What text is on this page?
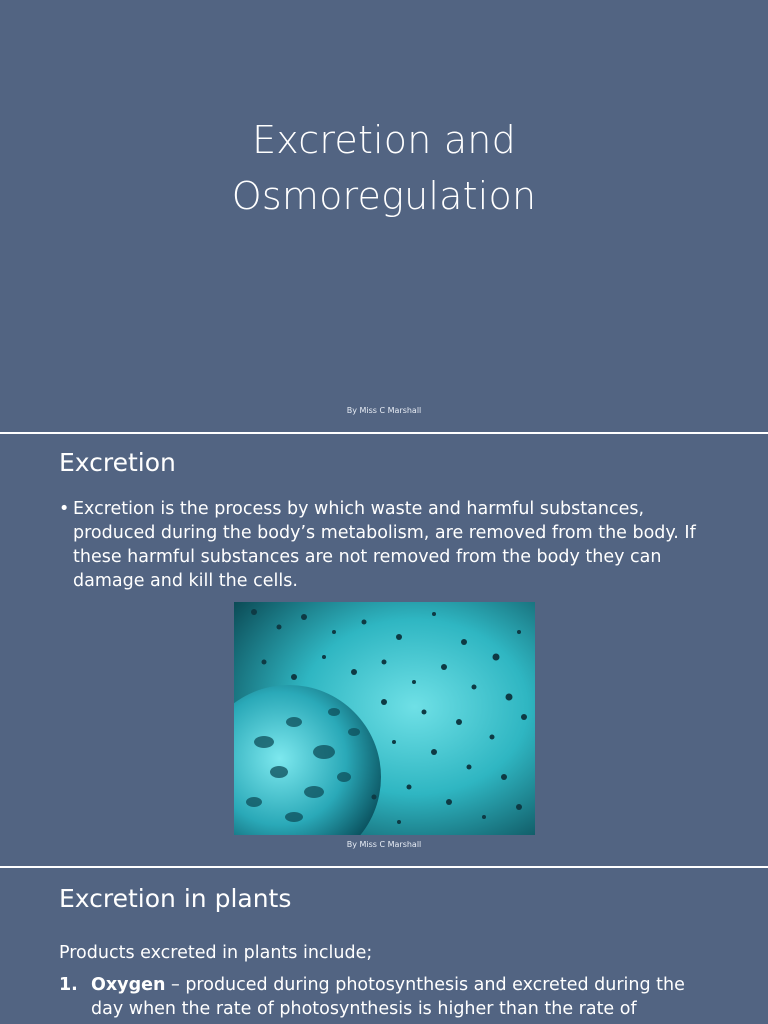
Excretion and
Osmoregulation
By Miss C Marshall
Excretion
• Excretion is the process by which waste and harmful substances, produced during the body’s metabolism, are removed from the body. If these harmful substances are not removed from the body they can damage and kill the cells.
By Miss C Marshall
Excretion in plants
Products excreted in plants include;
1. Oxygen – produced during photosynthesis and excreted during the day when the rate of photosynthesis is higher than the rate of
